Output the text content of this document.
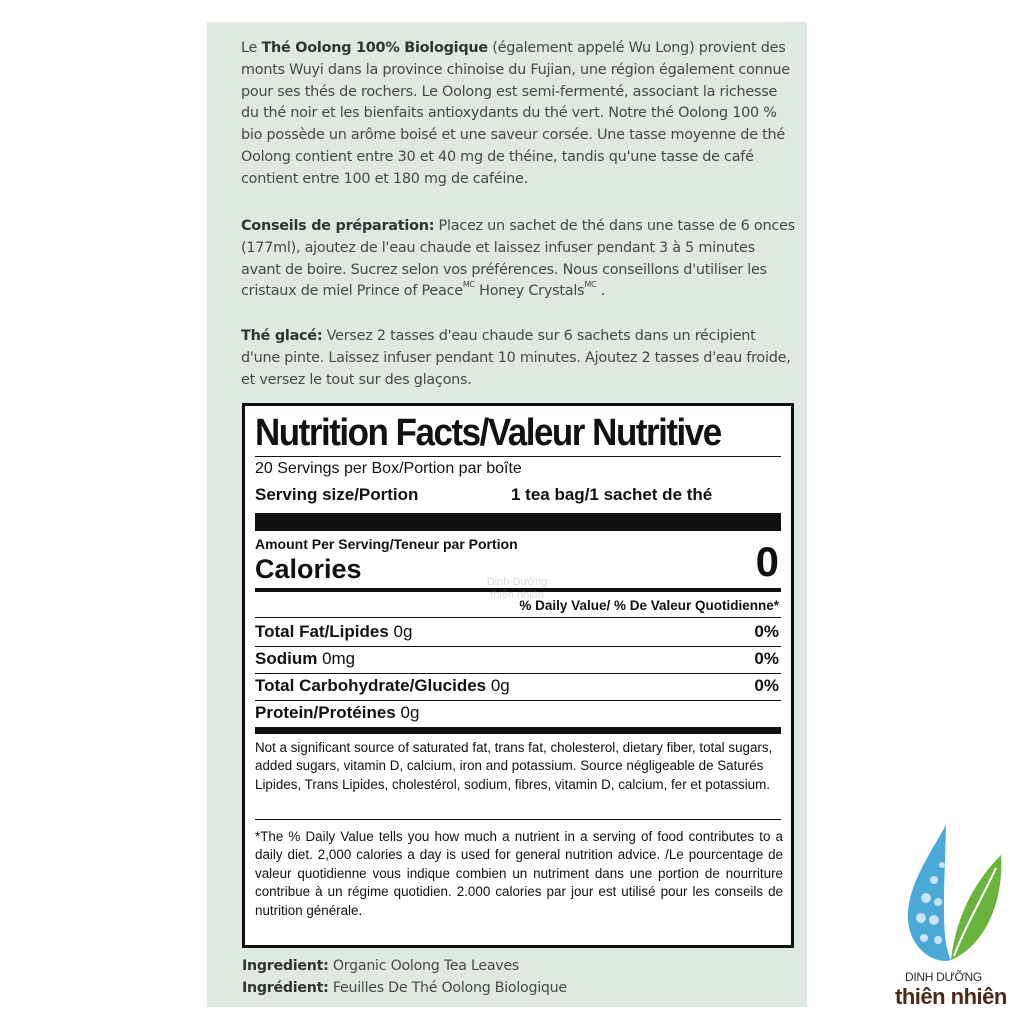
Le Thé Oolong 100% Biologique (également appelé Wu Long) provient des monts Wuyi dans la province chinoise du Fujian, une région également connue pour ses thés de rochers. Le Oolong est semi-fermenté, associant la richesse du thé noir et les bienfaits antioxydants du thé vert. Notre thé Oolong 100 % bio possède un arôme boisé et une saveur corsée. Une tasse moyenne de thé Oolong contient entre 30 et 40 mg de théine, tandis qu'une tasse de café contient entre 100 et 180 mg de caféine.

Conseils de préparation: Placez un sachet de thé dans une tasse de 6 onces (177ml), ajoutez de l'eau chaude et laissez infuser pendant 3 à 5 minutes avant de boire. Sucrez selon vos préférences. Nous conseillons d'utiliser les cristaux de miel Prince of Peace$^{MC}$ Honey Crystals$^{MC}$ .

Thé glacé: Versez 2 tasses d'eau chaude sur 6 sachets dans un récipient d'une pinte. Laissez infuser pendant 10 minutes. Ajoutez 2 tasses d'eau froide, et versez le tout sur des glaçons.

Nutrition Facts/Valeur Nutritive
20 Servings per Box/Portion par boîte
Serving size/Portion	1 tea bag/1 sachet de thé
Amount Per Serving/Teneur par Portion
Calories	0
% Daily Value/ % De Valeur Quotidienne*
Total Fat/Lipides 0g	0%
Sodium 0mg	0%
Total Carbohydrate/Glucides 0g	0%
Protein/Protéines 0g
Not a significant source of saturated fat, trans fat, cholesterol, dietary fiber, total sugars, added sugars, vitamin D, calcium, iron and potassium. Source négligeable de Saturés Lipides, Trans Lipides, cholestérol, sodium, fibres, vitamin D, calcium, fer et potassium.
*The % Daily Value tells you how much a nutrient in a serving of food contributes to a daily diet. 2,000 calories a day is used for general nutrition advice. /Le pourcentage de valeur quotidienne vous indique combien un nutriment dans une portion de nourriture contribue à un régime quotidien. 2.000 calories par jour est utilisé pour les conseils de nutrition générale.
Dinh Dưỡng
thiên nhiên
Ingredient: Organic Oolong Tea Leaves
Ingrédient: Feuilles De Thé Oolong Biologique
DINH DƯỠNG
thiên nhiên
